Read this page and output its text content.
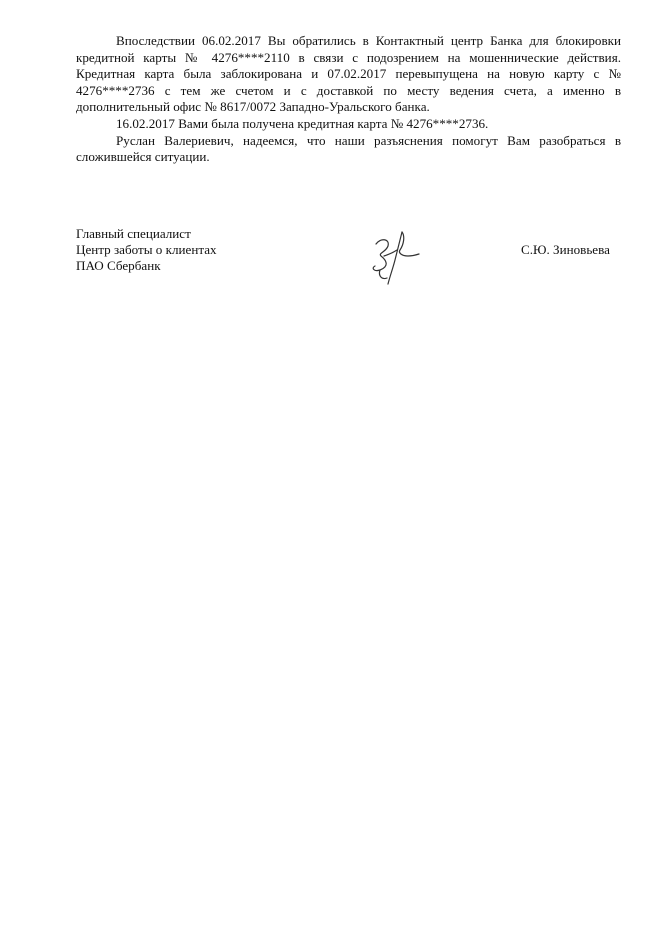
Впоследствии 06.02.2017 Вы обратились в Контактный центр Банка для блокировки кредитной карты № 4276****2110 в связи с подозрением на мошеннические действия. Кредитная карта была заблокирована и 07.02.2017 перевыпущена на новую карту с № 4276****2736 с тем же счетом и с доставкой по месту ведения счета, а именно в дополнительный офис № 8617/0072 Западно-Уральского банка.

16.02.2017 Вами была получена кредитная карта № 4276****2736.

Руслан Валериевич, надеемся, что наши разъяснения помогут Вам разобраться в сложившейся ситуации.

Главный специалист
Центр заботы о клиентах
ПАО Сбербанк
С.Ю. Зиновьева
